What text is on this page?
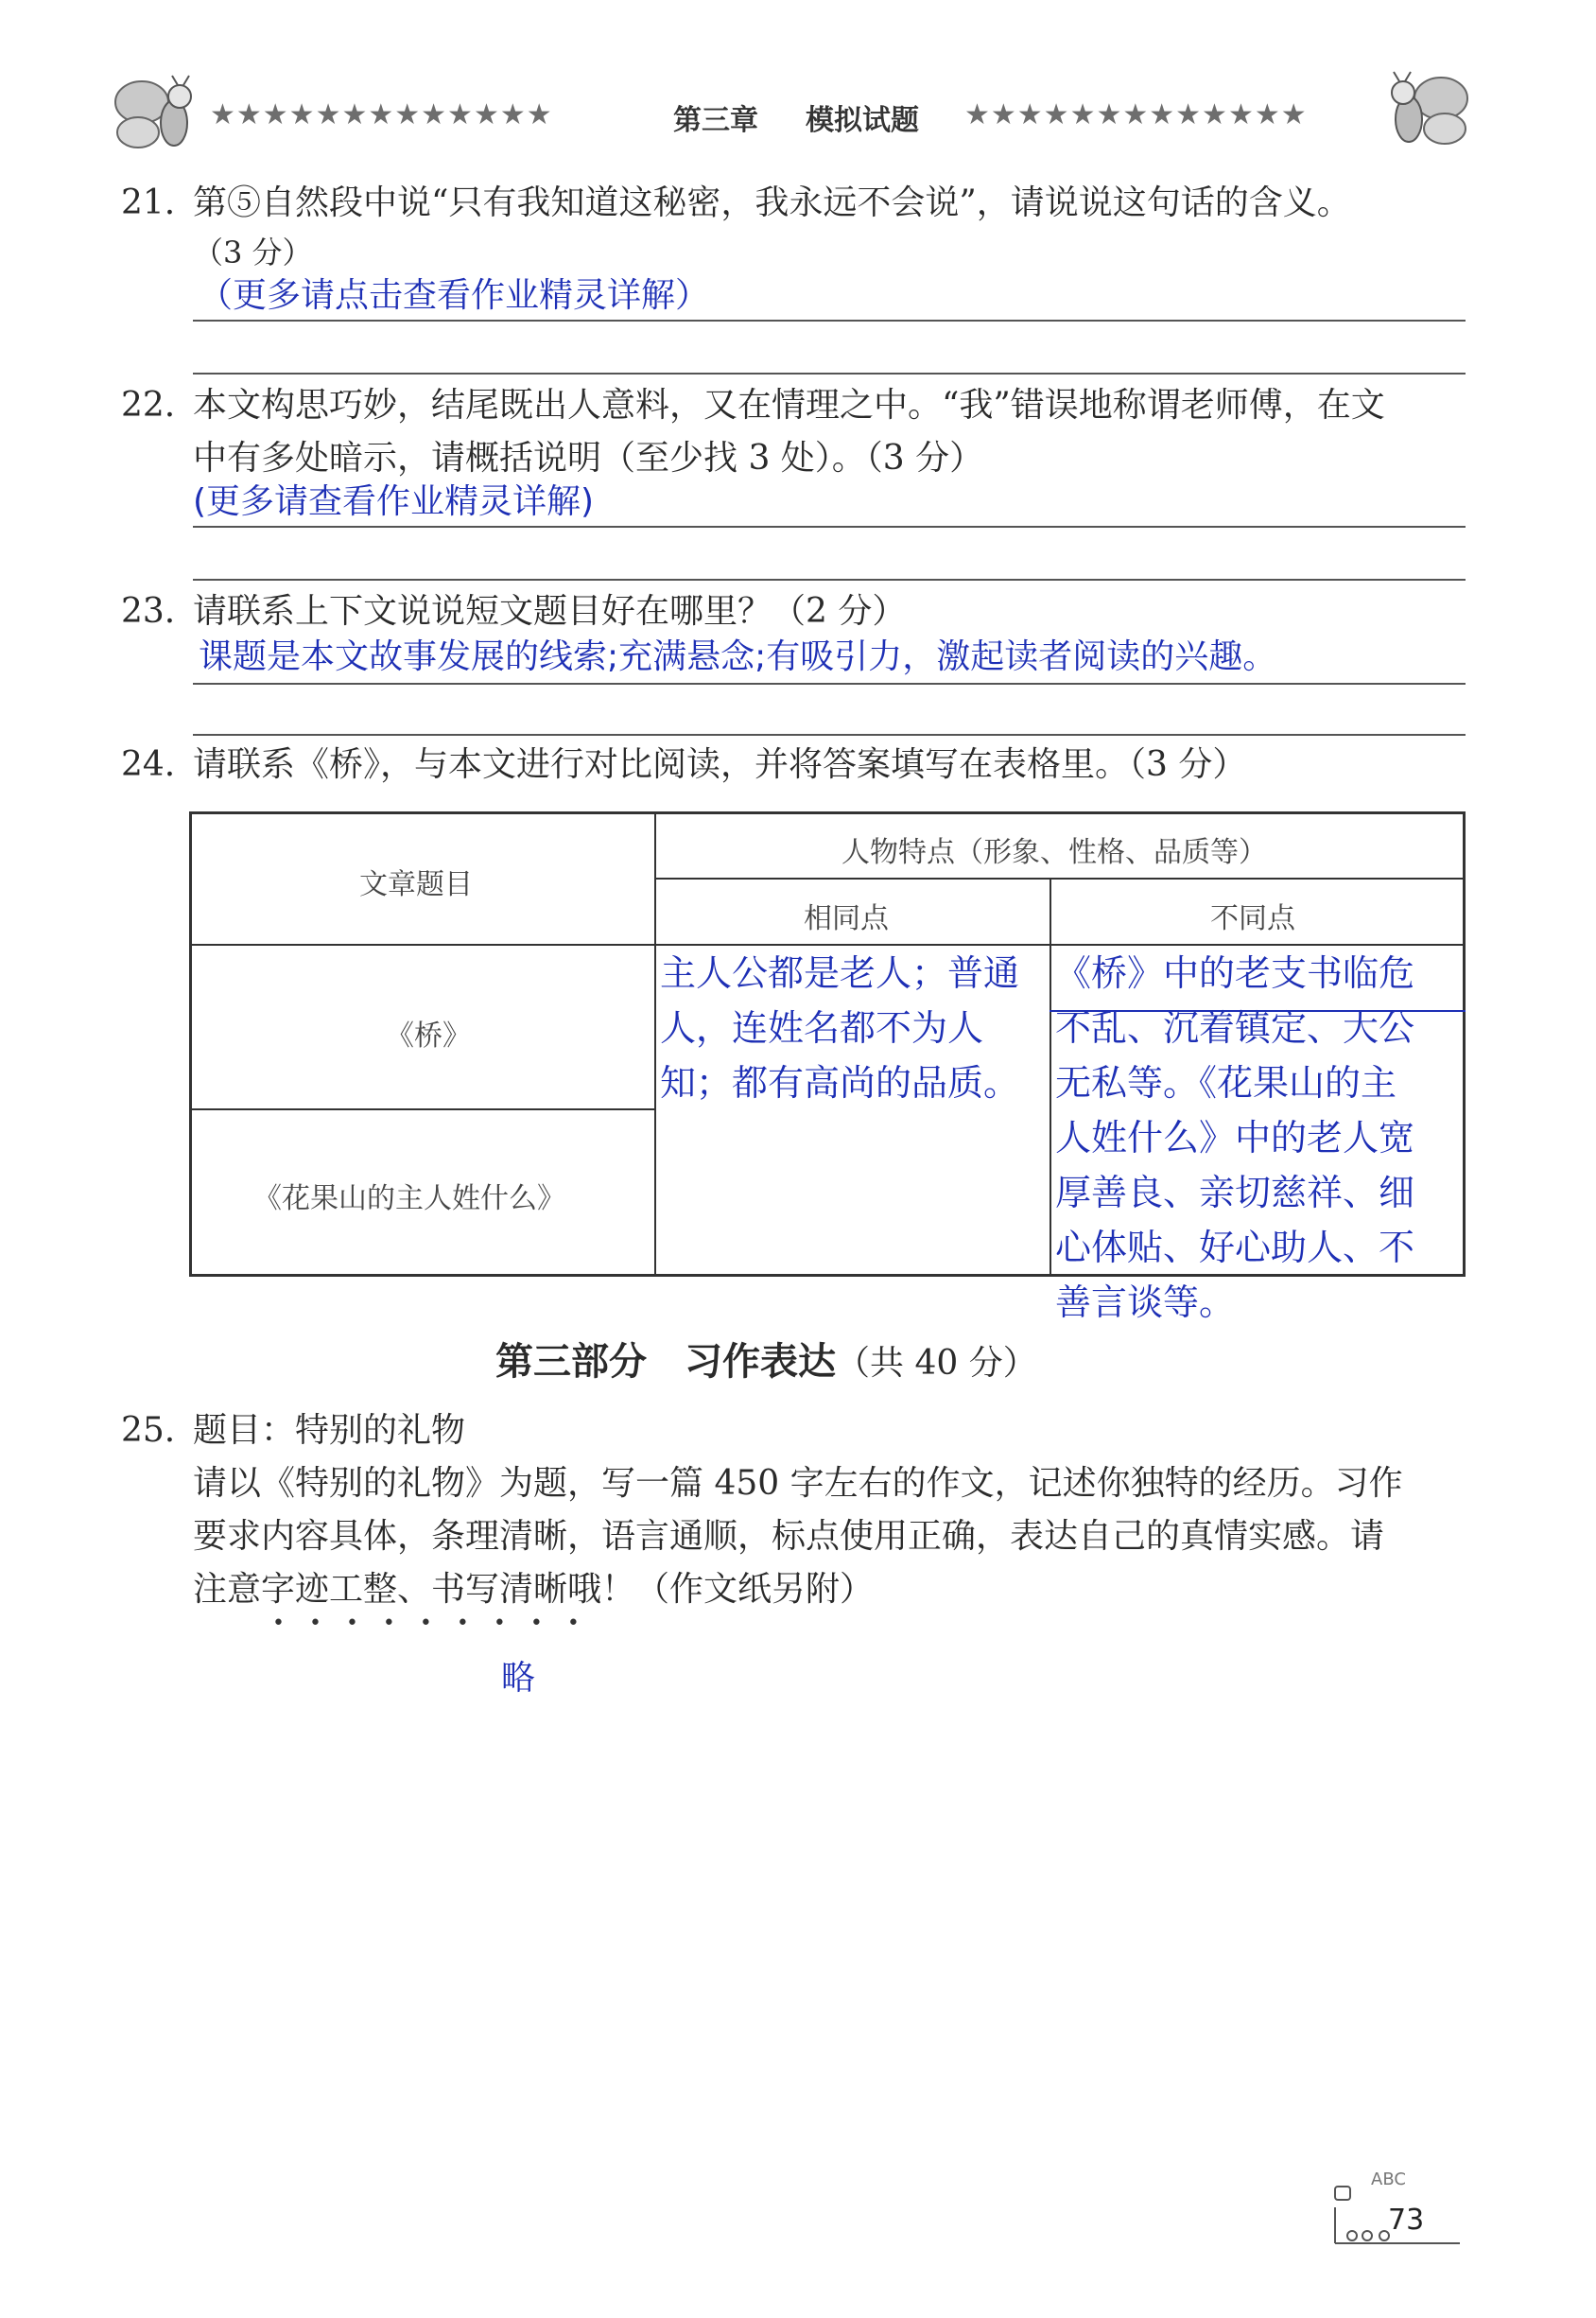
★★★★★★★★★★★★★	第三章 模拟试题 ★★★★★★★★★★★★★
21. 第⑤自然段中说“只有我知道这秘密，我永远不会说”，请说说这句话的含义。
（3 分）
（更多请点击查看作业精灵详解）
22. 本文构思巧妙，结尾既出人意料，又在情理之中。“我”错误地称谓老师傅，在文
中有多处暗示，请概括说明（至少找 3 处）。（3 分）
(更多请查看作业精灵详解)
23. 请联系上下文说说短文题目好在哪里？（2 分）
课题是本文故事发展的线索;充满悬念;有吸引力，激起读者阅读的兴趣。
24. 请联系《桥》，与本文进行对比阅读，并将答案填写在表格里。（3 分）
文章题目
人物特点（形象、性格、品质等）
相同点	不同点
《桥》
《花果山的主人姓什么》
主人公都是老人；普通
人，连姓名都不为人
知；都有高尚的品质。
《桥》中的老支书临危
不乱、沉着镇定、大公
无私等。《花果山的主
人姓什么》中的老人宽
厚善良、亲切慈祥、细
心体贴、好心助人、不
善言谈等。
第三部分　习作表达（共 40 分）
25. 题目：特别的礼物
请以《特别的礼物》为题，写一篇 450 字左右的作文，记述你独特的经历。习作
要求内容具体，条理清晰，语言通顺，标点使用正确，表达自己的真情实感。请
注意字迹工整、书写清晰哦！（作文纸另附）
•••••••••
略
ABC
73
